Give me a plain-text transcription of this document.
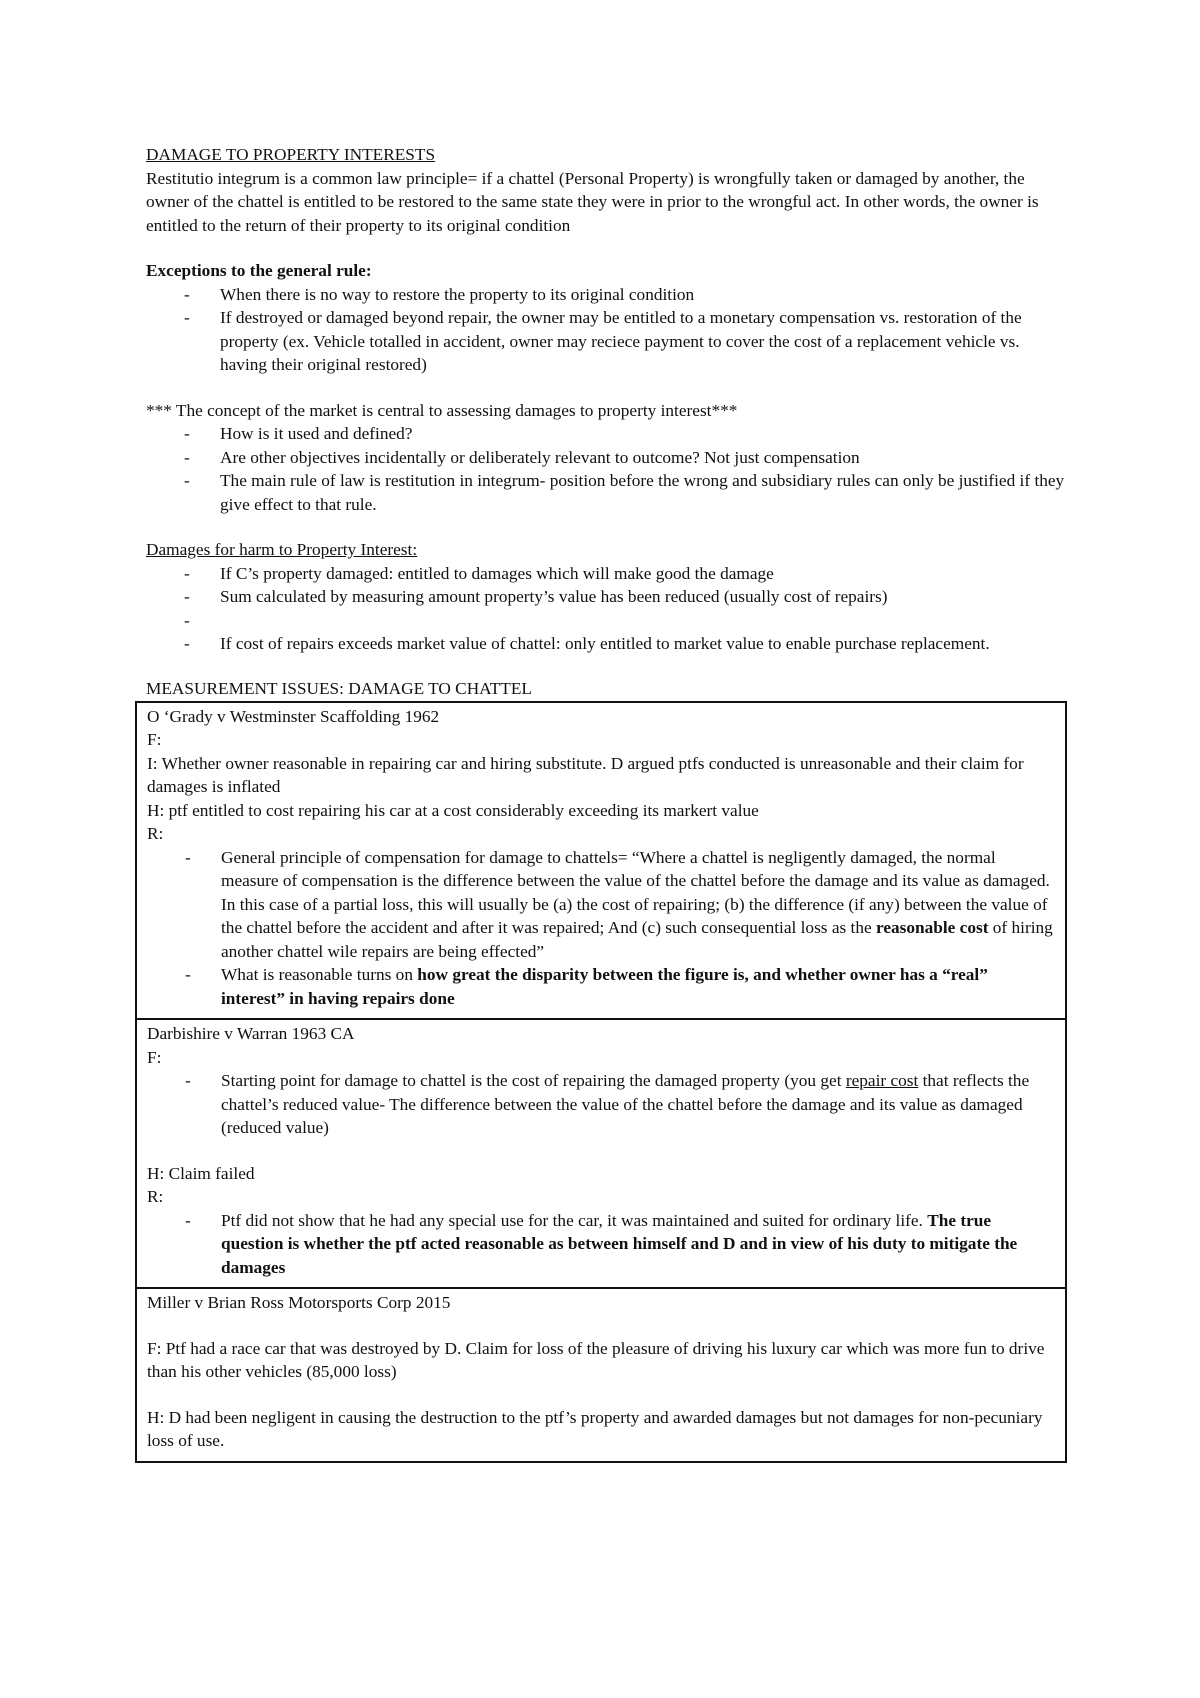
DAMAGE TO PROPERTY INTERESTS

Restitutio integrum is a common law principle= if a chattel (Personal Property) is wrongfully taken or damaged by another, the owner of the chattel is entitled to be restored to the same state they were in prior to the wrongful act. In other words, the owner is entitled to the return of their property to its original condition

Exceptions to the general rule:

- When there is no way to restore the property to its original condition
- If destroyed or damaged beyond repair, the owner may be entitled to a monetary compensation vs. restoration of the property (ex. Vehicle totalled in accident, owner may reciece payment to cover the cost of a replacement vehicle vs. having their original restored)

*** The concept of the market is central to assessing damages to property interest***

- How is it used and defined?
- Are other objectives incidentally or deliberately relevant to outcome? Not just compensation
- The main rule of law is restitution in integrum- position before the wrong and subsidiary rules can only be justified if they give effect to that rule.

Damages for harm to Property Interest:

- If C’s property damaged: entitled to damages which will make good the damage
- Sum calculated by measuring amount property’s value has been reduced (usually cost of repairs)
-
- If cost of repairs exceeds market value of chattel: only entitled to market value to enable purchase replacement.

MEASUREMENT ISSUES: DAMAGE TO CHATTEL

O ‘Grady v Westminster Scaffolding 1962

F:

I: Whether owner reasonable in repairing car and hiring substitute. D argued ptfs conducted is unreasonable and their claim for damages is inflated

H: ptf entitled to cost repairing his car at a cost considerably exceeding its markert value

R:

- General principle of compensation for damage to chattels= “Where a chattel is negligently damaged, the normal measure of compensation is the difference between the value of the chattel before the damage and its value as damaged. In this case of a partial loss, this will usually be (a) the cost of repairing; (b) the difference (if any) between the value of the chattel before the accident and after it was repaired; And (c) such consequential loss as the reasonable cost of hiring another chattel wile repairs are being effected”
- What is reasonable turns on how great the disparity between the figure is, and whether owner has a “real” interest” in having repairs done

Darbishire v Warran 1963 CA

F:

- Starting point for damage to chattel is the cost of repairing the damaged property (you get repair cost that reflects the chattel’s reduced value- The difference between the value of the chattel before the damage and its value as damaged (reduced value)

H: Claim failed

R:

- Ptf did not show that he had any special use for the car, it was maintained and suited for ordinary life. The true question is whether the ptf acted reasonable as between himself and D and in view of his duty to mitigate the damages

Miller v Brian Ross Motorsports Corp 2015

F: Ptf had a race car that was destroyed by D. Claim for loss of the pleasure of driving his luxury car which was more fun to drive than his other vehicles (85,000 loss)

H: D had been negligent in causing the destruction to the ptf’s property and awarded damages but not damages for non-pecuniary loss of use.
